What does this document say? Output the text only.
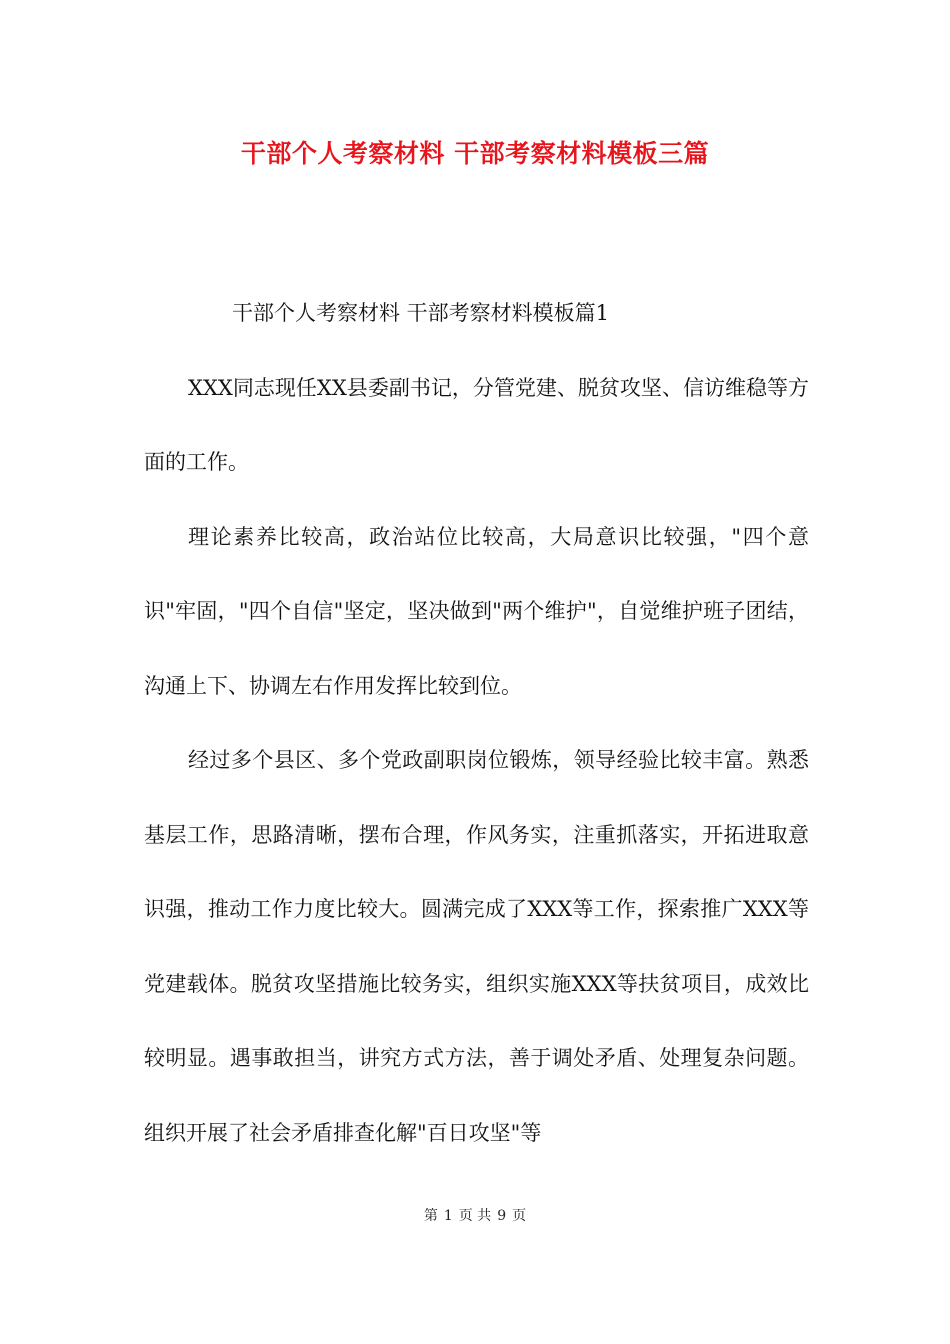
干部个人考察材料 干部考察材料模板三篇

干部个人考察材料 干部考察材料模板篇1

XXX同志现任XX县委副书记，分管党建、脱贫攻坚、信访维稳等方面的工作。

理论素养比较高，政治站位比较高，大局意识比较强，"四个意识"牢固，"四个自信"坚定，坚决做到"两个维护"，自觉维护班子团结，沟通上下、协调左右作用发挥比较到位。

经过多个县区、多个党政副职岗位锻炼，领导经验比较丰富。熟悉基层工作，思路清晰，摆布合理，作风务实，注重抓落实，开拓进取意识强，推动工作力度比较大。圆满完成了XXX等工作，探索推广XXX等党建载体。脱贫攻坚措施比较务实，组织实施XXX等扶贫项目，成效比较明显。遇事敢担当，讲究方式方法，善于调处矛盾、处理复杂问题。组织开展了社会矛盾排查化解"百日攻坚"等

第 1 页 共 9 页
